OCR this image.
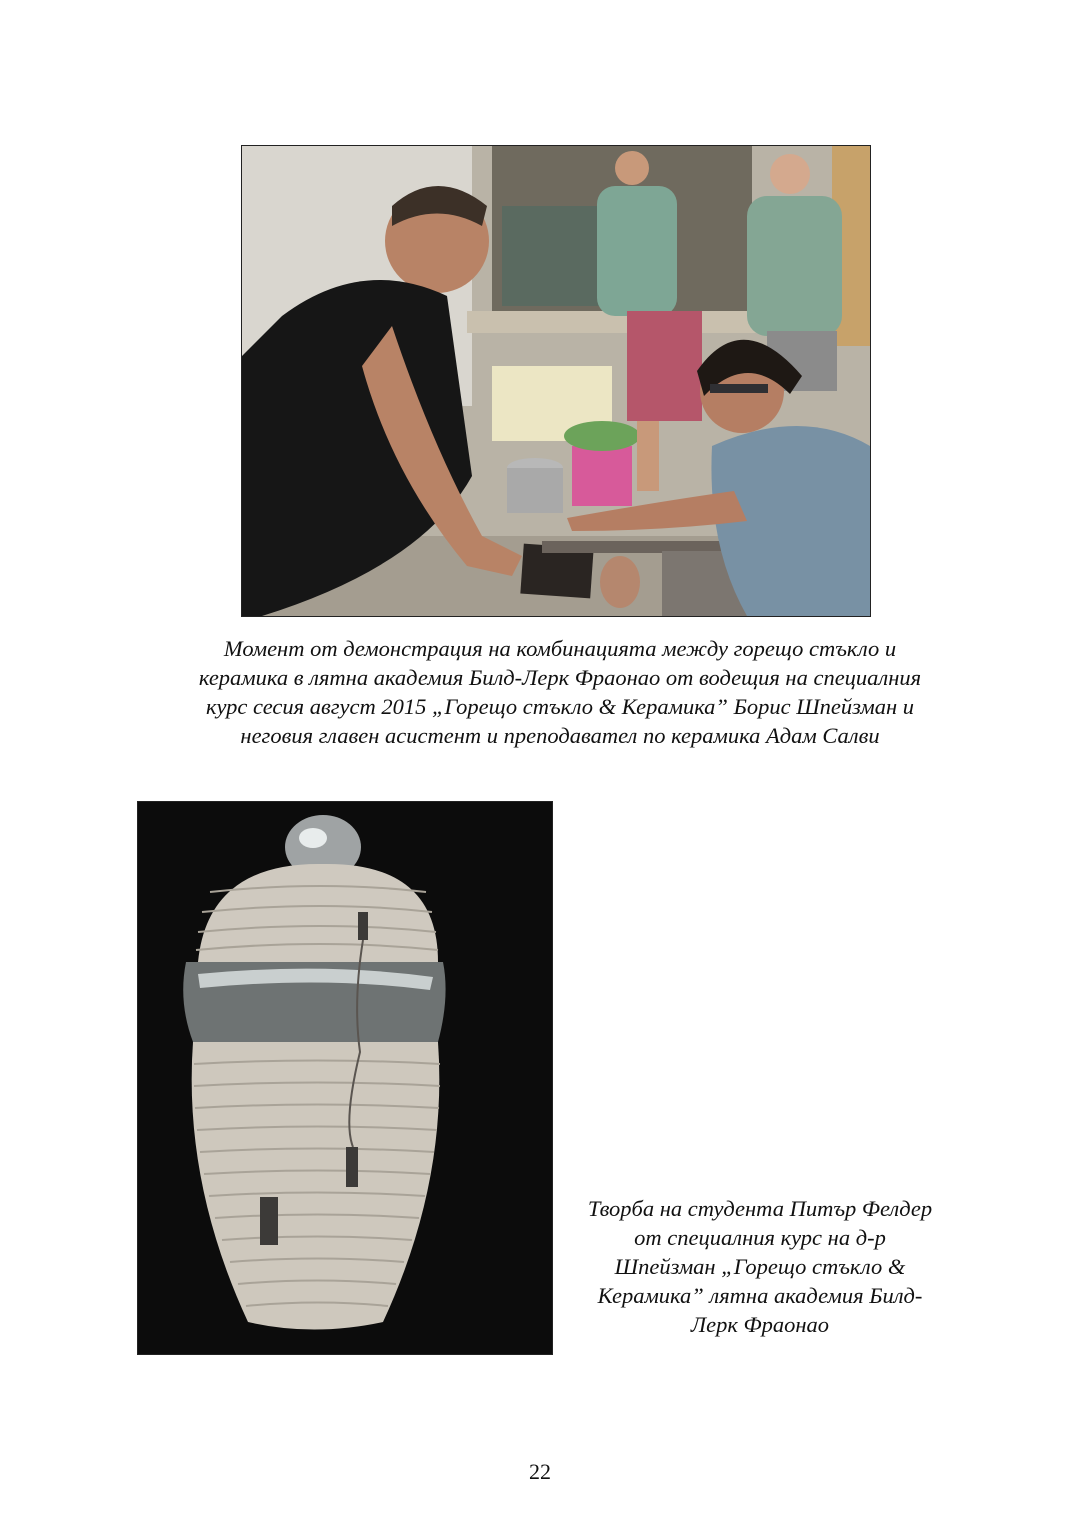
Момент от демонстрация на комбинацията между горещо стъкло и
керамика в лятна академия Билд-Лерк Фраонао от водещия на специалния
курс сесия август 2015 „Горещо стъкло & Керамика” Борис Шпейзман и
неговия главен асистент и преподавател по керамика Адам Салви

Творба на студента Питър Фелдер
от специалния курс на д-р
Шпейзман „Горещо стъкло &
Керамика” лятна академия Билд-
Лерк Фраонао

22
